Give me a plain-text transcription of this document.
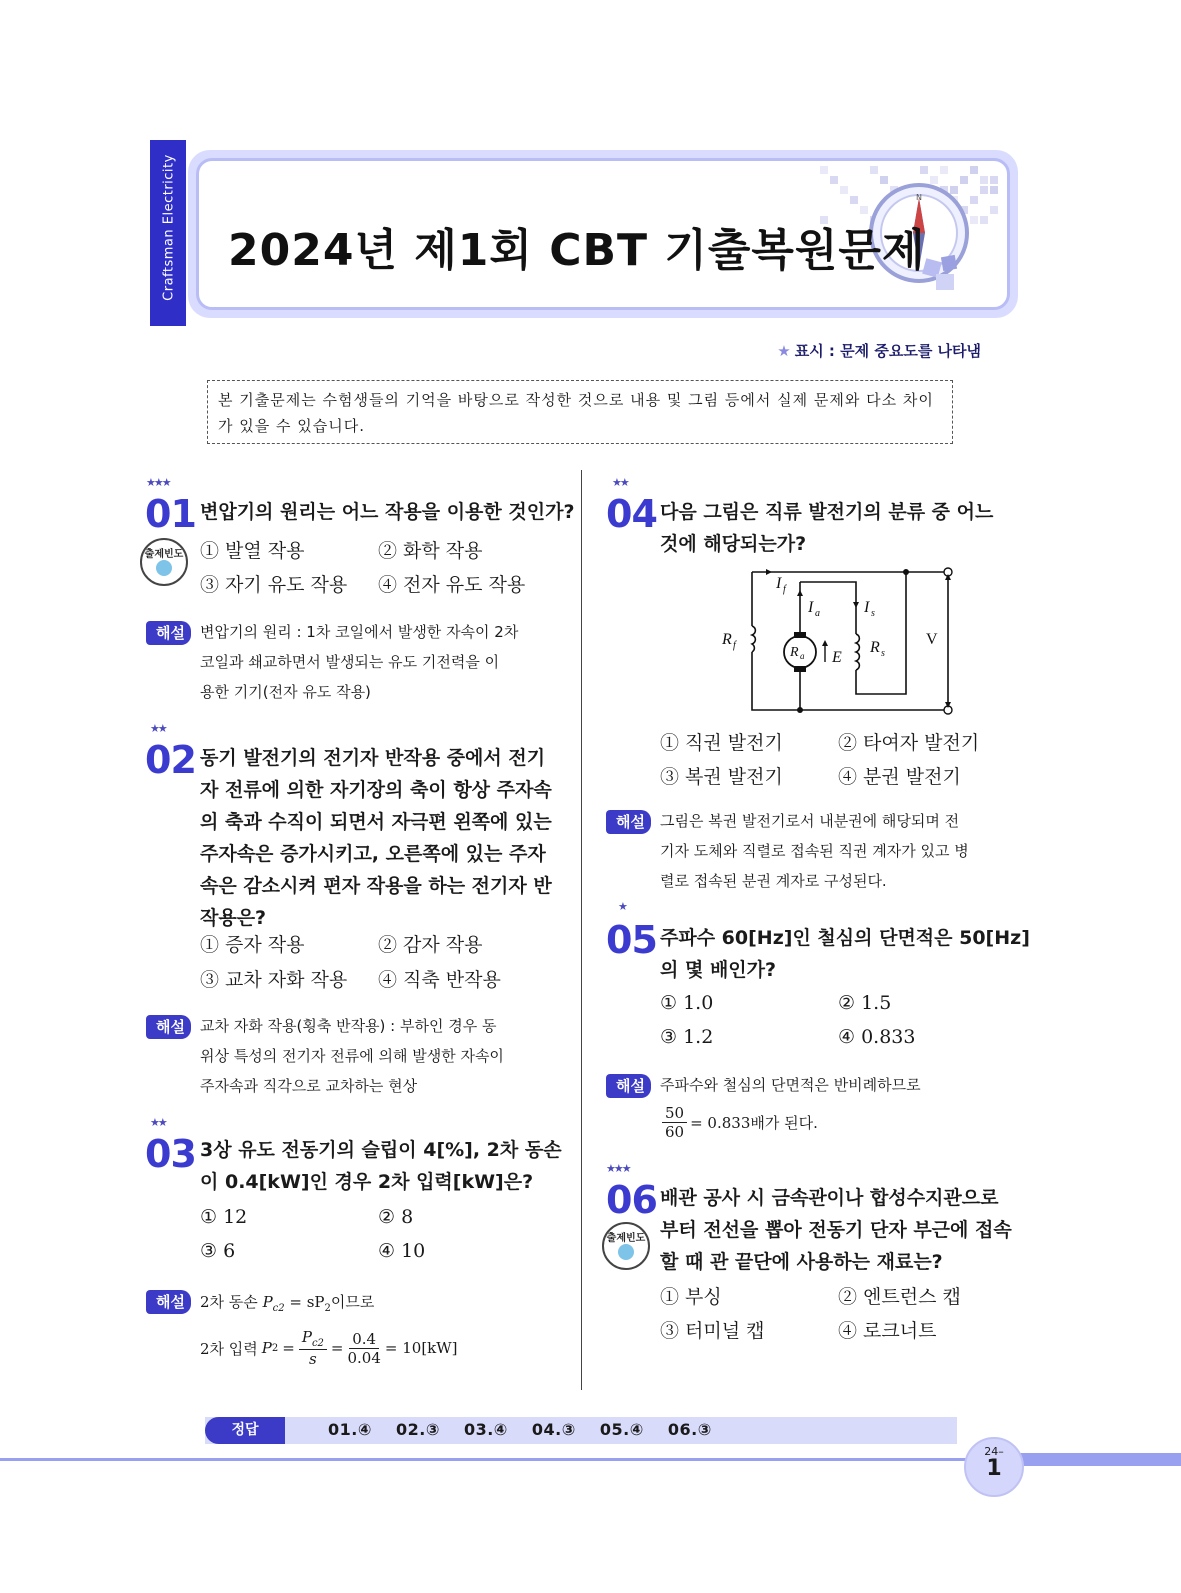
Craftsman Electricity	N
2024년 제1회 CBT 기출복원문제
★ 표시 : 문제 중요도를 나타냄
본 기출문제는 수험생들의 기억을 바탕으로 작성한 것으로 내용 및 그림 등에서 실제 문제와 다소 차이가 있을 수 있습니다.
★★★
01 변압기의 원리는 어느 작용을 이용한 것인가?
출제빈도 ① 발열 작용	② 화학 작용
③ 자기 유도 작용 ④ 전자 유도 작용
해설	변압기의 원리 : 1차 코일에서 발생한 자속이 2차
코일과 쇄교하면서 발생되는 유도 기전력을 이
용한 기기(전자 유도 작용)
★★
02 동기 발전기의 전기자 반작용 중에서 전기
자 전류에 의한 자기장의 축이 항상 주자속
의 축과 수직이 되면서 자극편 왼쪽에 있는
주자속은 증가시키고, 오른쪽에 있는 주자
속은 감소시켜 편자 작용을 하는 전기자 반
작용은?
① 증자 작용	② 감자 작용
③ 교차 자화 작용 ④ 직축 반작용
해설	교차 자화 작용(횡축 반작용) : 부하인 경우 동
위상 특성의 전기자 전류에 의해 발생한 자속이
주자속과 직각으로 교차하는 현상
★★
03 3상 유도 전동기의 슬립이 4[%], 2차 동손
이 0.4[kW]인 경우 2차 입력[kW]은?
① 12	② 8
③ 6	④ 10
해설	2차 동손 $P_{c2} = sP_2$이므로
2차 입력 P $2 = \frac{P_{c2}}{s} = \frac{0.4}{0.04} = 10[kW]$
★★
04 다음 그림은 직류 발전기의 분류 중 어느
것에 해당되는가?
I f
I a	I s
R f	R a E
R s
V
① 직권 발전기	② 타여자 발전기
③ 복권 발전기	④ 분권 발전기
해설	그림은 복권 발전기로서 내분권에 해당되며 전
기자 도체와 직렬로 접속된 직권 계자가 있고 병
렬로 접속된 분권 계자로 구성된다.
★
05 주파수 60[Hz]인 철심의 단면적은 50[Hz]
의 몇 배인가?
① 1.0	② 1.5
③ 1.2	④ 0.833
해설	주파수와 철심의 단면적은 반비례하므로
$\frac{50}{60} = 0.833$배가 된다.
★★★
06 배관 공사 시 금속관이나 합성수지관으로
부터 전선을 뽑아 전동기 단자 부근에 접속
할 때 관 끝단에 사용하는 재료는?
출제빈도
① 부싱	② 엔트런스 캡
③ 터미널 캡	④ 로크너트
정답	01.④ 02.③ 03.④ 04.③ 05.④ 06.③
24–
1
